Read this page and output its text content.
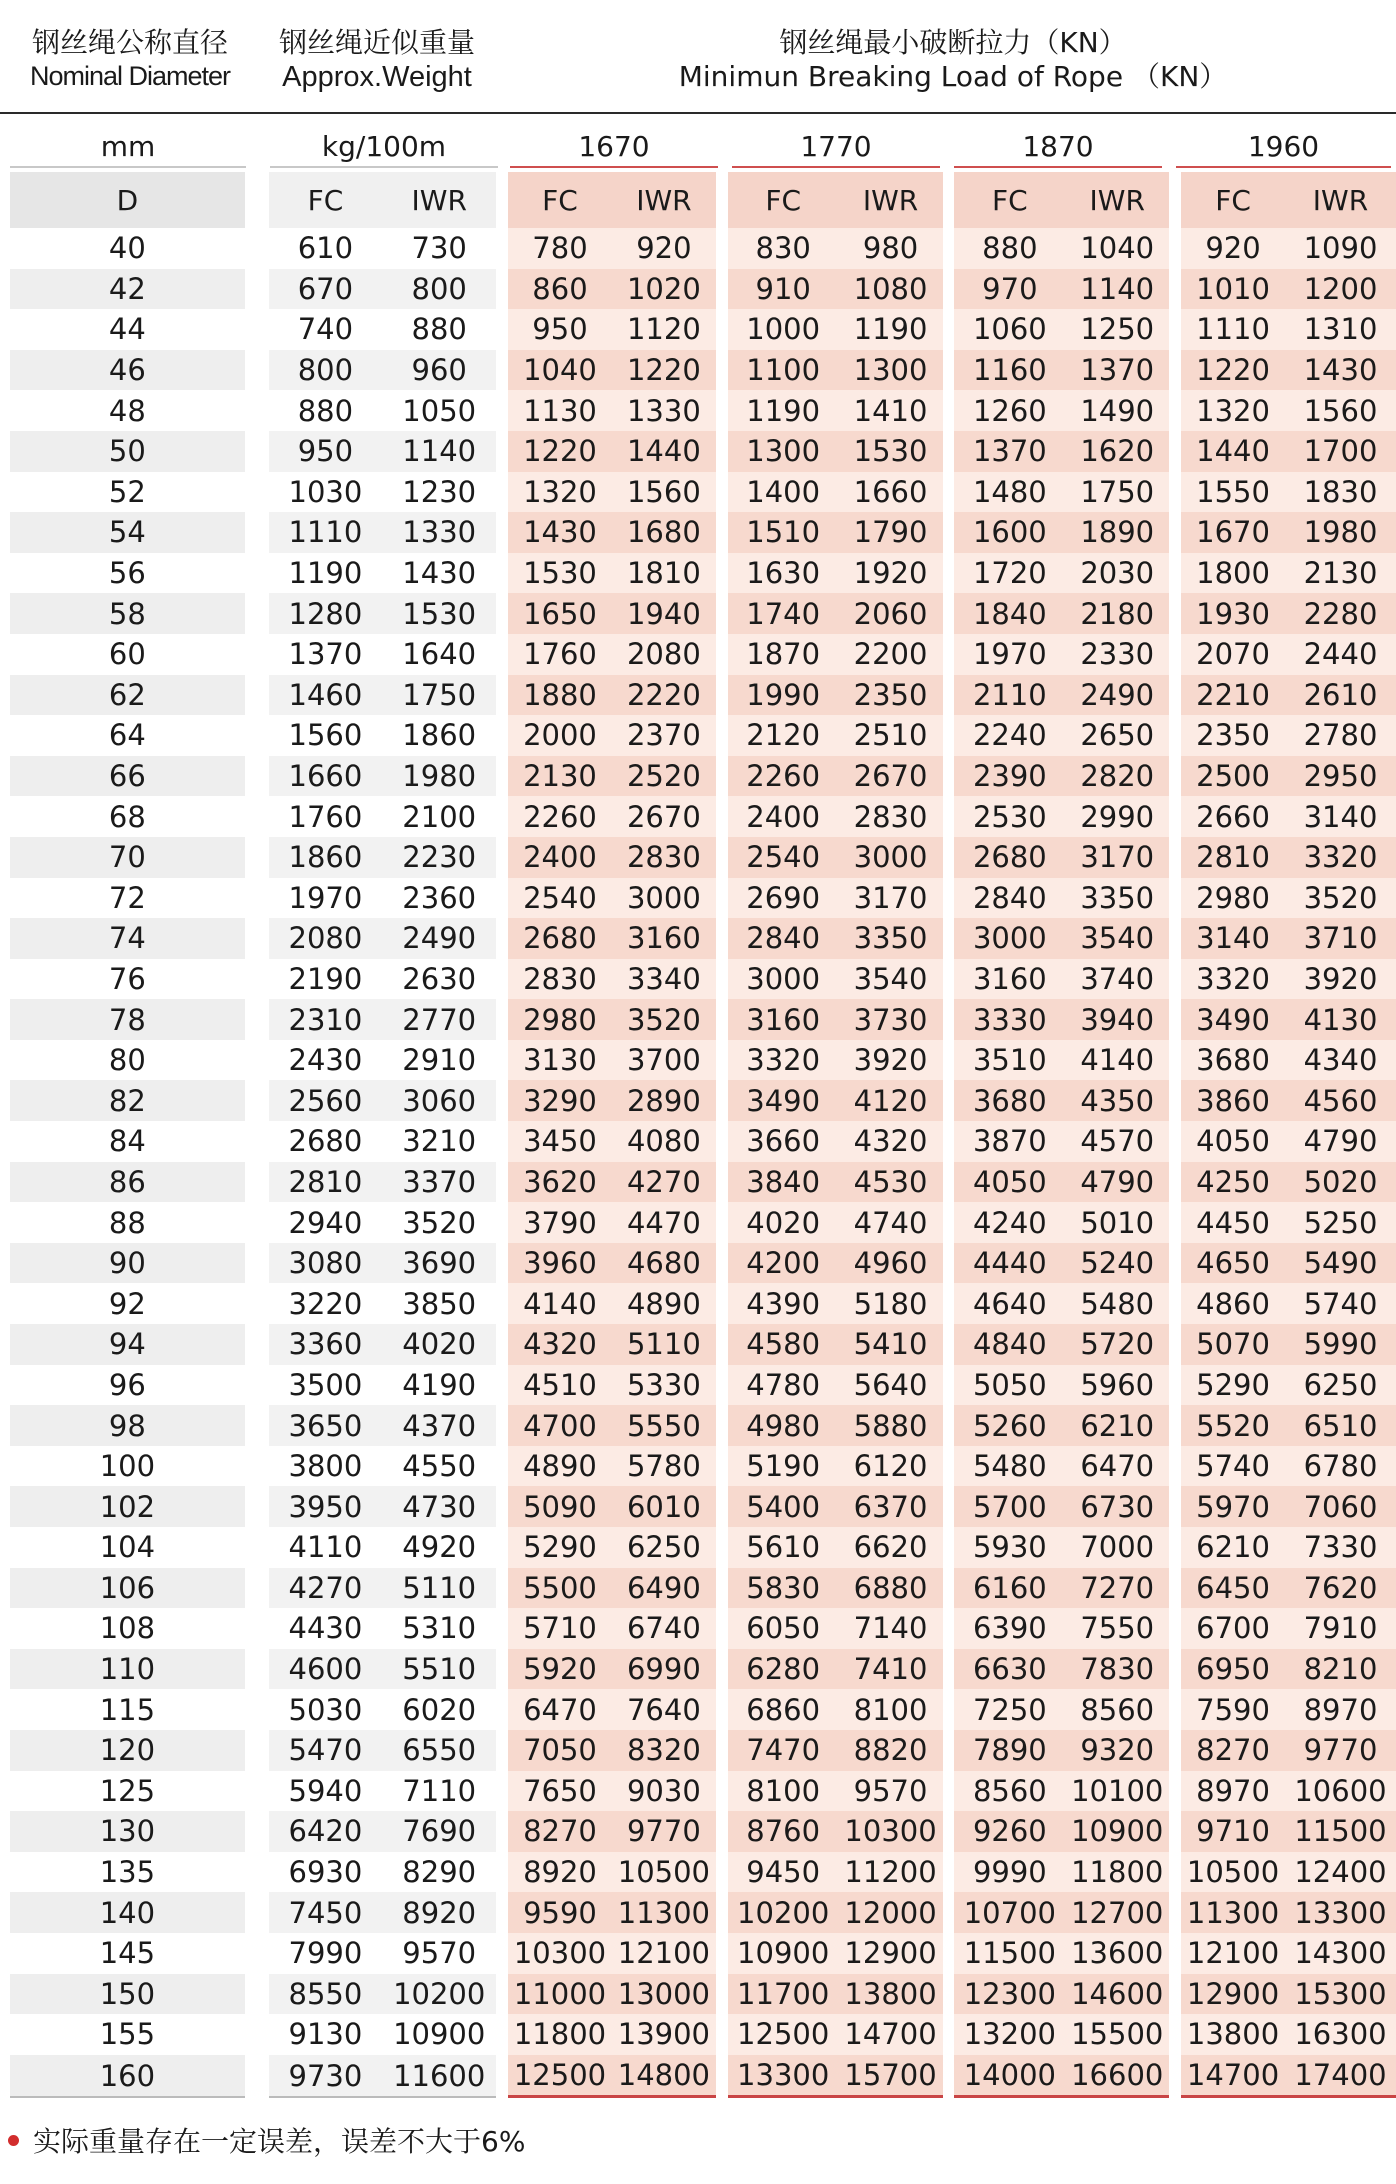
钢丝绳公称直径
Nominal Diameter
钢丝绳近似重量
Approx.Weight
钢丝绳最小破断拉力（KN）
Minimun Breaking Load of Rope （KN）
mm	kg/100m	1670	1770	1870	1960
D		FC	IWR		FC	IWR		FC	IWR		FC	IWR		FC	IWR
40		610	730		780	920		830	980		880	1040		920	1090
42		670	800		860	1020		910	1080		970	1140		1010	1200
44		740	880		950	1120		1000	1190		1060	1250		1110	1310
46		800	960		1040	1220		1100	1300		1160	1370		1220	1430
48		880	1050		1130	1330		1190	1410		1260	1490		1320	1560
50		950	1140		1220	1440		1300	1530		1370	1620		1440	1700
52		1030	1230		1320	1560		1400	1660		1480	1750		1550	1830
54		1110	1330		1430	1680		1510	1790		1600	1890		1670	1980
56		1190	1430		1530	1810		1630	1920		1720	2030		1800	2130
58		1280	1530		1650	1940		1740	2060		1840	2180		1930	2280
60		1370	1640		1760	2080		1870	2200		1970	2330		2070	2440
62		1460	1750		1880	2220		1990	2350		2110	2490		2210	2610
64		1560	1860		2000	2370		2120	2510		2240	2650		2350	2780
66		1660	1980		2130	2520		2260	2670		2390	2820		2500	2950
68		1760	2100		2260	2670		2400	2830		2530	2990		2660	3140
70		1860	2230		2400	2830		2540	3000		2680	3170		2810	3320
72		1970	2360		2540	3000		2690	3170		2840	3350		2980	3520
74		2080	2490		2680	3160		2840	3350		3000	3540		3140	3710
76		2190	2630		2830	3340		3000	3540		3160	3740		3320	3920
78		2310	2770		2980	3520		3160	3730		3330	3940		3490	4130
80		2430	2910		3130	3700		3320	3920		3510	4140		3680	4340
82		2560	3060		3290	2890		3490	4120		3680	4350		3860	4560
84		2680	3210		3450	4080		3660	4320		3870	4570		4050	4790
86		2810	3370		3620	4270		3840	4530		4050	4790		4250	5020
88		2940	3520		3790	4470		4020	4740		4240	5010		4450	5250
90		3080	3690		3960	4680		4200	4960		4440	5240		4650	5490
92		3220	3850		4140	4890		4390	5180		4640	5480		4860	5740
94		3360	4020		4320	5110		4580	5410		4840	5720		5070	5990
96		3500	4190		4510	5330		4780	5640		5050	5960		5290	6250
98		3650	4370		4700	5550		4980	5880		5260	6210		5520	6510
100		3800	4550		4890	5780		5190	6120		5480	6470		5740	6780
102		3950	4730		5090	6010		5400	6370		5700	6730		5970	7060
104		4110	4920		5290	6250		5610	6620		5930	7000		6210	7330
106		4270	5110		5500	6490		5830	6880		6160	7270		6450	7620
108		4430	5310		5710	6740		6050	7140		6390	7550		6700	7910
110		4600	5510		5920	6990		6280	7410		6630	7830		6950	8210
115		5030	6020		6470	7640		6860	8100		7250	8560		7590	8970
120		5470	6550		7050	8320		7470	8820		7890	9320		8270	9770
125		5940	7110		7650	9030		8100	9570		8560	10100		8970	10600
130		6420	7690		8270	9770		8760	10300		9260	10900		9710	11500
135		6930	8290		8920	10500		9450	11200		9990	11800		10500	12400
140		7450	8920		9590	11300		10200	12000		10700	12700		11300	13300
145		7990	9570		10300	12100		10900	12900		11500	13600		12100	14300
150		8550	10200		11000	13000		11700	13800		12300	14600		12900	15300
155		9130	10900		11800	13900		12500	14700		13200	15500		13800	16300
160		9730	11600		12500	14800		13300	15700		14000	16600		14700	17400
实际重量存在一定误差，误差不大于6%
